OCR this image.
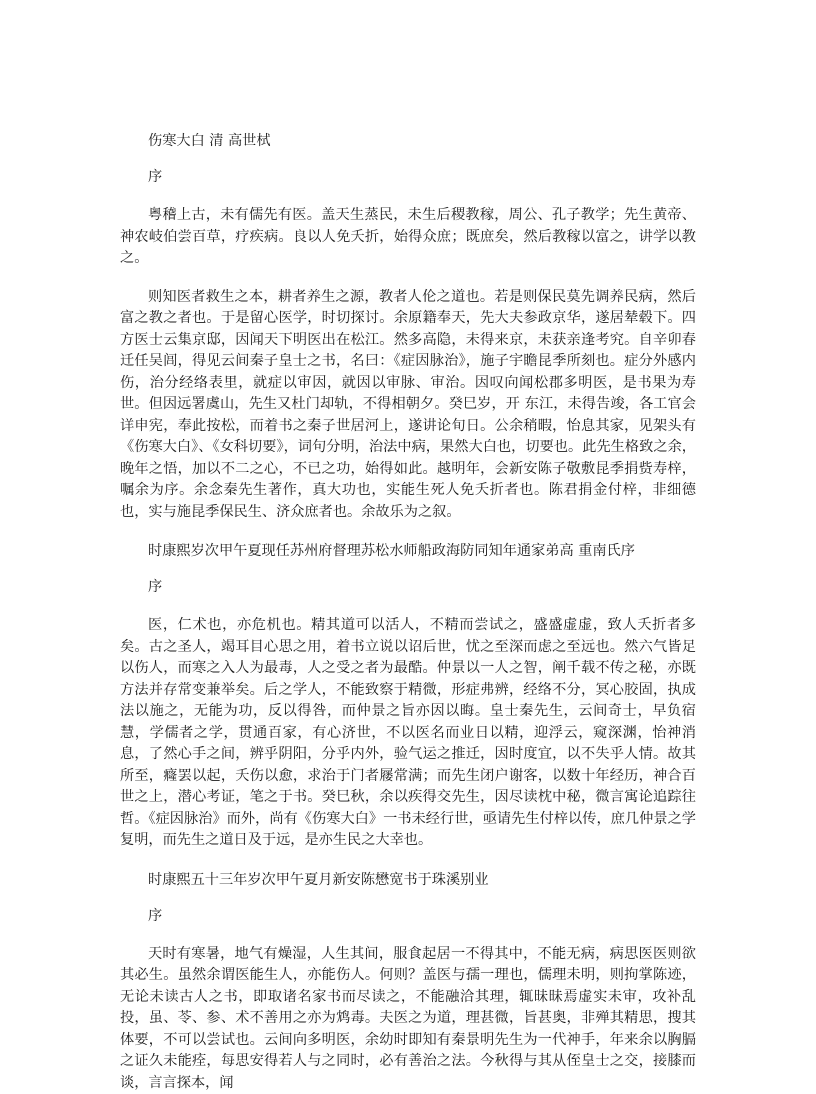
伤寒大白 清 高世栻
序

粤稽上古，未有儒先有医。盖天生蒸民，未生后稷教稼，周公、孔子教学；先生黄帝、神农岐伯尝百草，疗疾病。良以人免夭折，始得众庶；既庶矣，然后教稼以富之，讲学以教之。

则知医者救生之本，耕者养生之源，教者人伦之道也。若是则保民莫先调养民病，然后富之教之者也。于是留心医学，时切探讨。余原籍奉天，先大夫参政京华，遂居辇毂下。四方医士云集京邸，因闻天下明医出在松江。然多高隐，未得来京，未获亲逢考究。自辛卯春迁任吴闾，得见云间秦子皇士之书，名曰：《症因脉治》，施子宇瞻昆季所刻也。症分外感内伤，治分经络表里，就症以审因，就因以审脉、审治。因叹向闻松郡多明医，是书果为寿世。但因远署虞山，先生又杜门却轨，不得相朝夕。癸巳岁，开 东江，未得告竣，各工官会详申宪，奉此按松，而着书之秦子世居河上，遂讲论旬日。公余稍暇，怡息其家，见架头有《伤寒大白》、《女科切要》，词句分明，治法中病，果然大白也，切要也。此先生格致之余，晚年之悟，加以不二之心，不已之功，始得如此。越明年，会新安陈子敬敷昆季捐赀寿梓，嘱余为序。余念秦先生著作，真大功也，实能生死人免夭折者也。陈君捐金付梓，非细德也，实与施昆季保民生、济众庶者也。余故乐为之叙。

时康熙岁次甲午夏现任苏州府督理苏松水师船政海防同知年通家弟高 重南氏序
序

医，仁术也，亦危机也。精其道可以活人，不精而尝试之，盛盛虚虚，致人夭折者多矣。古之圣人，竭耳目心思之用，着书立说以诏后世，忧之至深而虑之至远也。然六气皆足以伤人，而寒之入人为最毒，人之受之者为最酷。仲景以一人之智，阐千载不传之秘，亦既方法并存常变兼举矣。后之学人，不能致察于精微，形症弗辨，经络不分，冥心胶固，执成法以施之，无能为功，反以得咎，而仲景之旨亦因以晦。皇士秦先生，云间奇士，早负宿慧，学儒者之学，贯通百家，有心济世，不以医名而业日以精，迎浮云，窥深渊，怡神消息，了然心手之间，辨乎阴阳，分乎内外，验气运之推迁，因时度宜，以不失乎人情。故其所至，癃罢以起，夭伤以愈，求治于门者屦常满；而先生闭户谢客，以数十年经历，神合百世之上，潜心考证，笔之于书。癸巳秋，余以疾得交先生，因尽读枕中秘，微言寓论追踪往哲。《症因脉治》而外，尚有《伤寒大白》一书未经行世，亟请先生付梓以传，庶几仲景之学复明，而先生之道日及于远，是亦生民之大幸也。

时康熙五十三年岁次甲午夏月新安陈懋宽书于珠溪别业
序

天时有寒暑，地气有燥湿，人生其间，服食起居一不得其中，不能无病，病思医医则欲其必生。虽然余谓医能生人，亦能伤人。何则？盖医与孺一理也，儒理未明，则拘掌陈迹，无论未读古人之书，即取诸名家书而尽读之，不能融洽其理，辄昧昧焉虚实未审，攻补乱投，虽、苓、参、术不善用之亦为鸩毒。夫医之为道，理甚微，旨甚奥，非殚其精思，搜其体要，不可以尝试也。云间向多明医，余幼时即知有秦景明先生为一代神手，年来余以胸膈之证久未能痊，每思安得若人与之同时，必有善治之法。今秋得与其从侄皇士之交，接膝而谈，言言探本，闻
